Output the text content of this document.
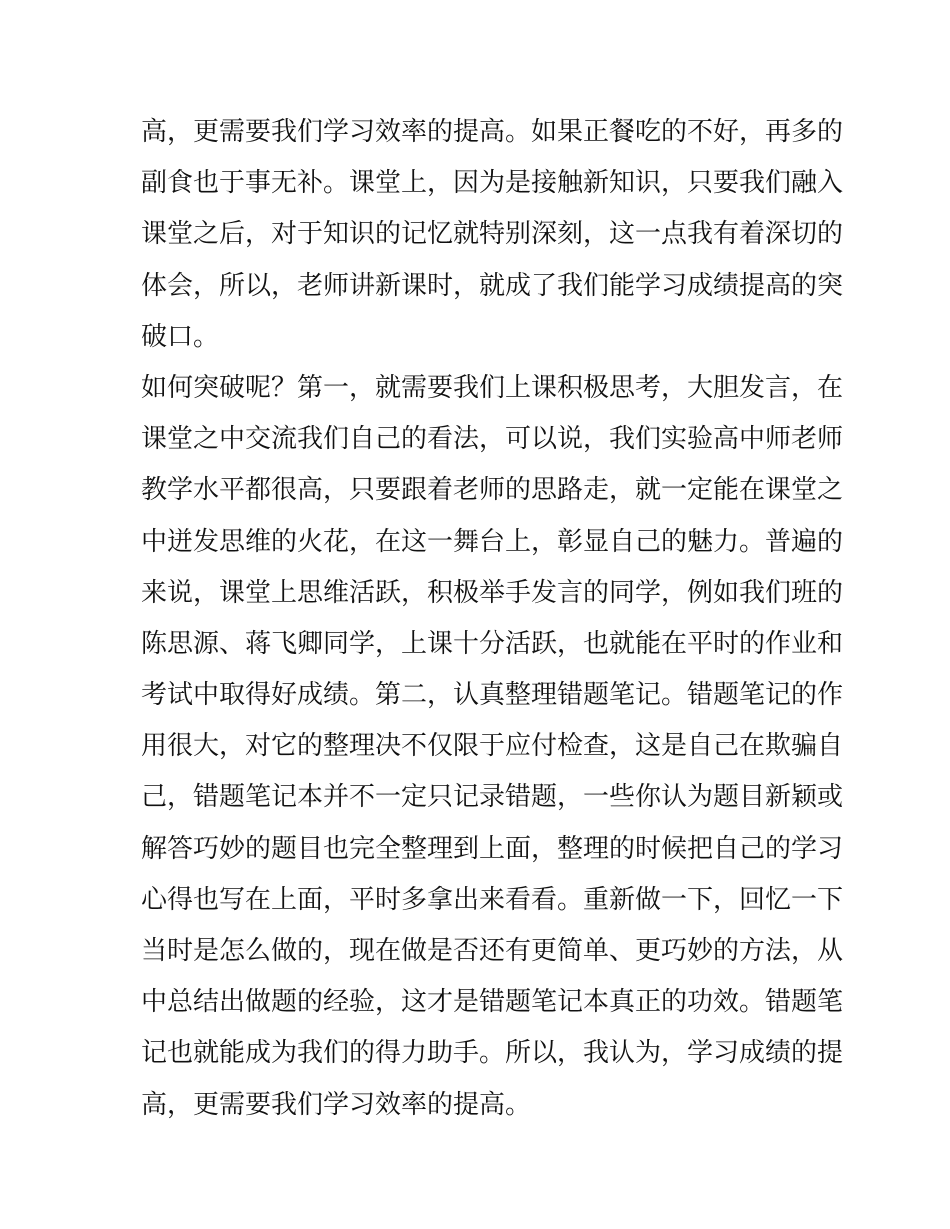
高，更需要我们学习效率的提高。如果正餐吃的不好，再多的
副食也于事无补。课堂上，因为是接触新知识，只要我们融入
课堂之后，对于知识的记忆就特别深刻，这一点我有着深切的
体会，所以，老师讲新课时，就成了我们能学习成绩提高的突
破口。
如何突破呢？第一，就需要我们上课积极思考，大胆发言，在
课堂之中交流我们自己的看法，可以说，我们实验高中师老师
教学水平都很高，只要跟着老师的思路走，就一定能在课堂之
中迸发思维的火花，在这一舞台上，彰显自己的魅力。普遍的
来说，课堂上思维活跃，积极举手发言的同学，例如我们班的
陈思源、蒋飞卿同学，上课十分活跃，也就能在平时的作业和
考试中取得好成绩。第二，认真整理错题笔记。错题笔记的作
用很大，对它的整理决不仅限于应付检查，这是自己在欺骗自
己，错题笔记本并不一定只记录错题，一些你认为题目新颖或
解答巧妙的题目也完全整理到上面，整理的时候把自己的学习
心得也写在上面，平时多拿出来看看。重新做一下，回忆一下
当时是怎么做的，现在做是否还有更简单、更巧妙的方法，从
中总结出做题的经验，这才是错题笔记本真正的功效。错题笔
记也就能成为我们的得力助手。所以，我认为，学习成绩的提
高，更需要我们学习效率的提高。
